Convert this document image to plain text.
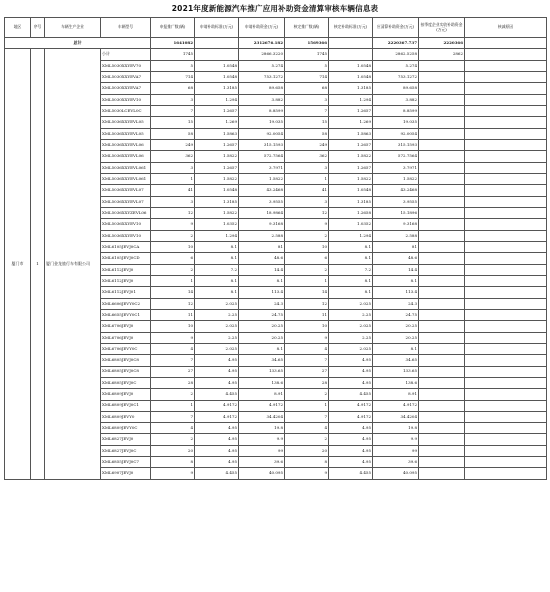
2021年度新能源汽车推广应用补助资金清算审核车辆信息表
地区	序号	车辆生产企业	车辆型号	申报推广数(辆)	申请补助标准(万元)	申请补助资金(万元)	核定推广数(辆)	核定补助标准(万元)	应清算补助资金(万元)	按季度企业实收补助资金(万元)	核减原因
总计				1641082		2312676.182	1569366		2220367.737	2220366	
厦门市	1	厦门金龙旅行车有限公司	小计	1745		2866.3220	1745		2862.5258	2862	
			XML5030XXYEV70	5	1.0548	5.274	5	1.0548	5.274		
			XML5030XXYEVA7	714	1.0548	753.1272	714	1.0548	753.1272		
			XML5030XXYEVA7	68	1.3185	89.658	68	1.3185	89.658		
			XML5030XXYEV10	3	1.294	3.882	3	1.294	3.882		
			XML5030LCEVL0C	7	1.2657	8.8599	7	1.2657	8.8599		
			XML5036XXYEVL05	15	1.269	19.035	15	1.269	19.035		
			XML5036XXYEVL05	58	1.5863	92.0054	58	1.5863	92.0054		
			XML5036XXYEVL06	249	1.2657	315.1593	249	1.2657	315.1593		
			XML5036XXYEVL06	362	1.5822	572.7564	362	1.5822	572.7564		
			XML5036XXYEVL061	3	1.2657	3.7971	3	1.2657	3.7971		
			XML5036XXYEVL061	1	1.5822	1.5822	1	1.5822	1.5822		
			XML5036XXYEVL07	41	1.0548	43.2468	41	1.0548	43.2468		
			XML5036XXYEVL07	3	1.3185	3.9555	3	1.3185	3.9555		
			XML5036XXYZEVL06	12	1.5822	18.9864	12	1.2658	15.1896		
			XML5036XXYEV10	9	1.0352	9.3168	9	1.0352	9.3168		
			XML5036XXYEV10	2	1.294	2.588	2	1.294	2.588		
			XML6105JEVJ0CA	10	8.1	81	10	8.1	81		
			XML6105JEVJ0CD	6	8.1	48.6	6	8.1	48.6		
			XML6112JEVJ0	2	7.2	14.4	2	7.2	14.4		
			XML6112JEVJ0	1	8.1	8.1	1	8.1	8.1		
			XML6112JEVJ01	14	8.1	113.4	14	8.1	113.4		
			XML6606JEVY0C2	12	2.025	24.3	12	2.025	24.3		
			XML6655JEVY0C1	11	2.25	24.75	11	2.25	24.75		
			XML6706JEVJ0	10	2.025	20.25	10	2.025	20.25		
			XML6706JEVJ0	9	2.25	20.25	9	2.25	20.25		
			XML6706JEVY0C	4	2.025	8.1	4	2.025	8.1		
			XML6805JEVJ0C8	7	4.95	34.65	7	4.95	34.65		
			XML6805JEVJ0C8	27	4.95	133.65	27	4.95	133.65		
			XML6805JEVJ0C	28	4.95	138.6	28	4.95	138.6		
			XML6809JEVJ0	2	4.455	8.91	2	4.455	8.91		
			XML6809JEVJ0C1	1	4.9172	4.9172	1	4.9172	4.9172		
			XML6809JEVY0	7	4.9172	34.4204	7	4.9172	34.4204		
			XML6809JEVY0C	4	4.95	19.8	4	4.95	19.8		
			XML6827JEVJ0	2	4.95	9.9	2	4.95	9.9		
			XML6827JEVJ0C	20	4.95	99	20	4.95	99		
			XML6855JEVJ0C7	8	4.95	39.6	8	4.95	39.6		
			XML6907JEVJ0	9	4.455	40.095	9	4.455	40.095		
